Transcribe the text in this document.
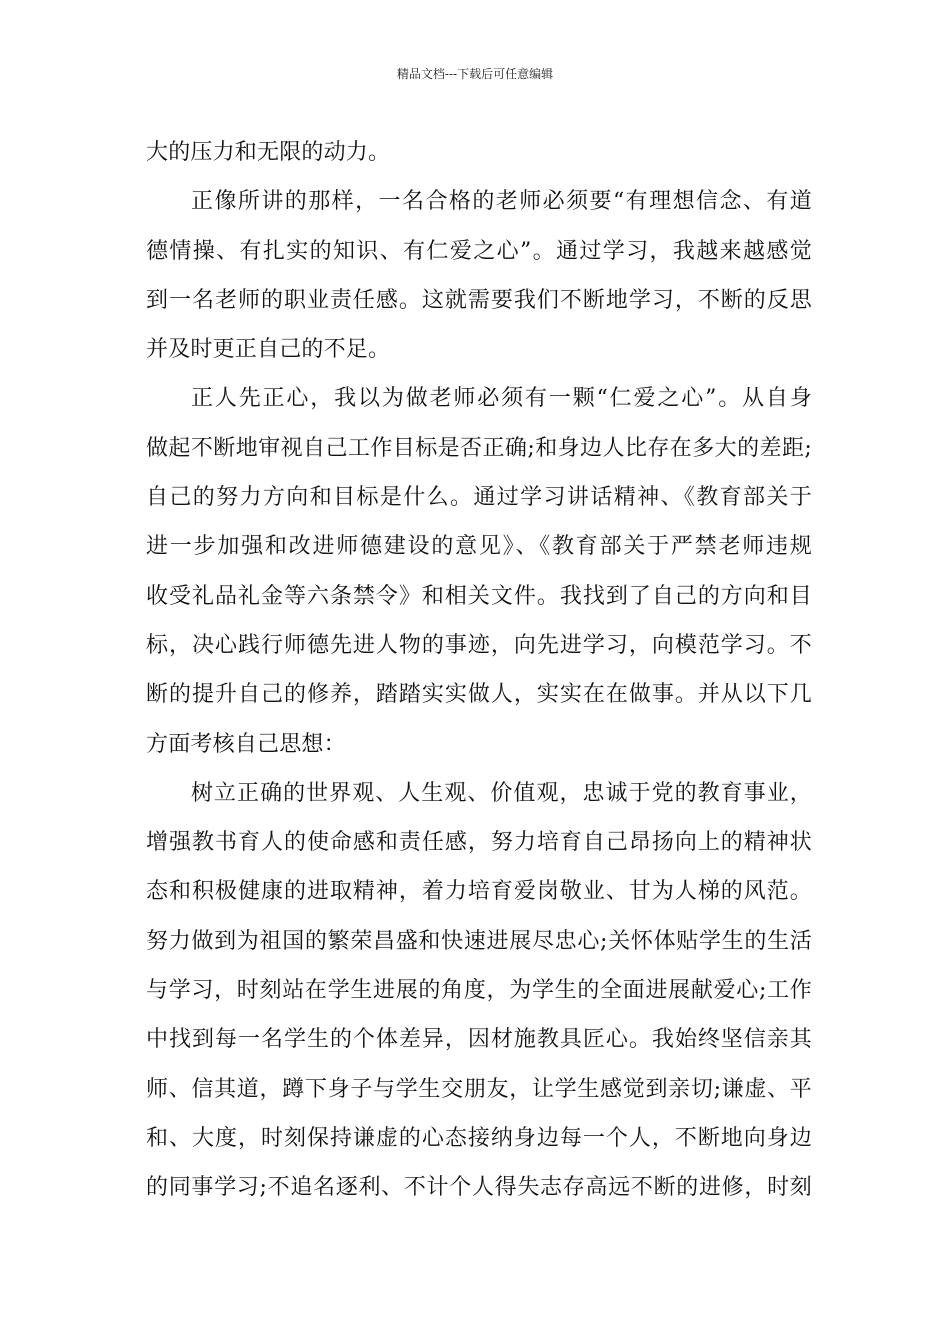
精品文档---下载后可任意编辑
大的压力和无限的动力。
正像所讲的那样，一名合格的老师必须要“有理想信念、有道
德情操、有扎实的知识、有仁爱之心”。通过学习，我越来越感觉
到一名老师的职业责任感。这就需要我们不断地学习，不断的反思
并及时更正自己的不足。
正人先正心，我以为做老师必须有一颗“仁爱之心”。从自身
做起不断地审视自己工作目标是否正确;和身边人比存在多大的差距;
自己的努力方向和目标是什么。通过学习讲话精神、《教育部关于
进一步加强和改进师德建设的意见》、《教育部关于严禁老师违规
收受礼品礼金等六条禁令》和相关文件。我找到了自己的方向和目
标，决心践行师德先进人物的事迹，向先进学习，向模范学习。不
断的提升自己的修养，踏踏实实做人，实实在在做事。并从以下几
方面考核自己思想：
树立正确的世界观、人生观、价值观，忠诚于党的教育事业，
增强教书育人的使命感和责任感，努力培育自己昂扬向上的精神状
态和积极健康的进取精神，着力培育爱岗敬业、甘为人梯的风范。
努力做到为祖国的繁荣昌盛和快速进展尽忠心;关怀体贴学生的生活
与学习，时刻站在学生进展的角度，为学生的全面进展献爱心;工作
中找到每一名学生的个体差异，因材施教具匠心。我始终坚信亲其
师、信其道，蹲下身子与学生交朋友，让学生感觉到亲切;谦虚、平
和、大度，时刻保持谦虚的心态接纳身边每一个人，不断地向身边
的同事学习;不追名逐利、不计个人得失志存高远不断的进修，时刻
